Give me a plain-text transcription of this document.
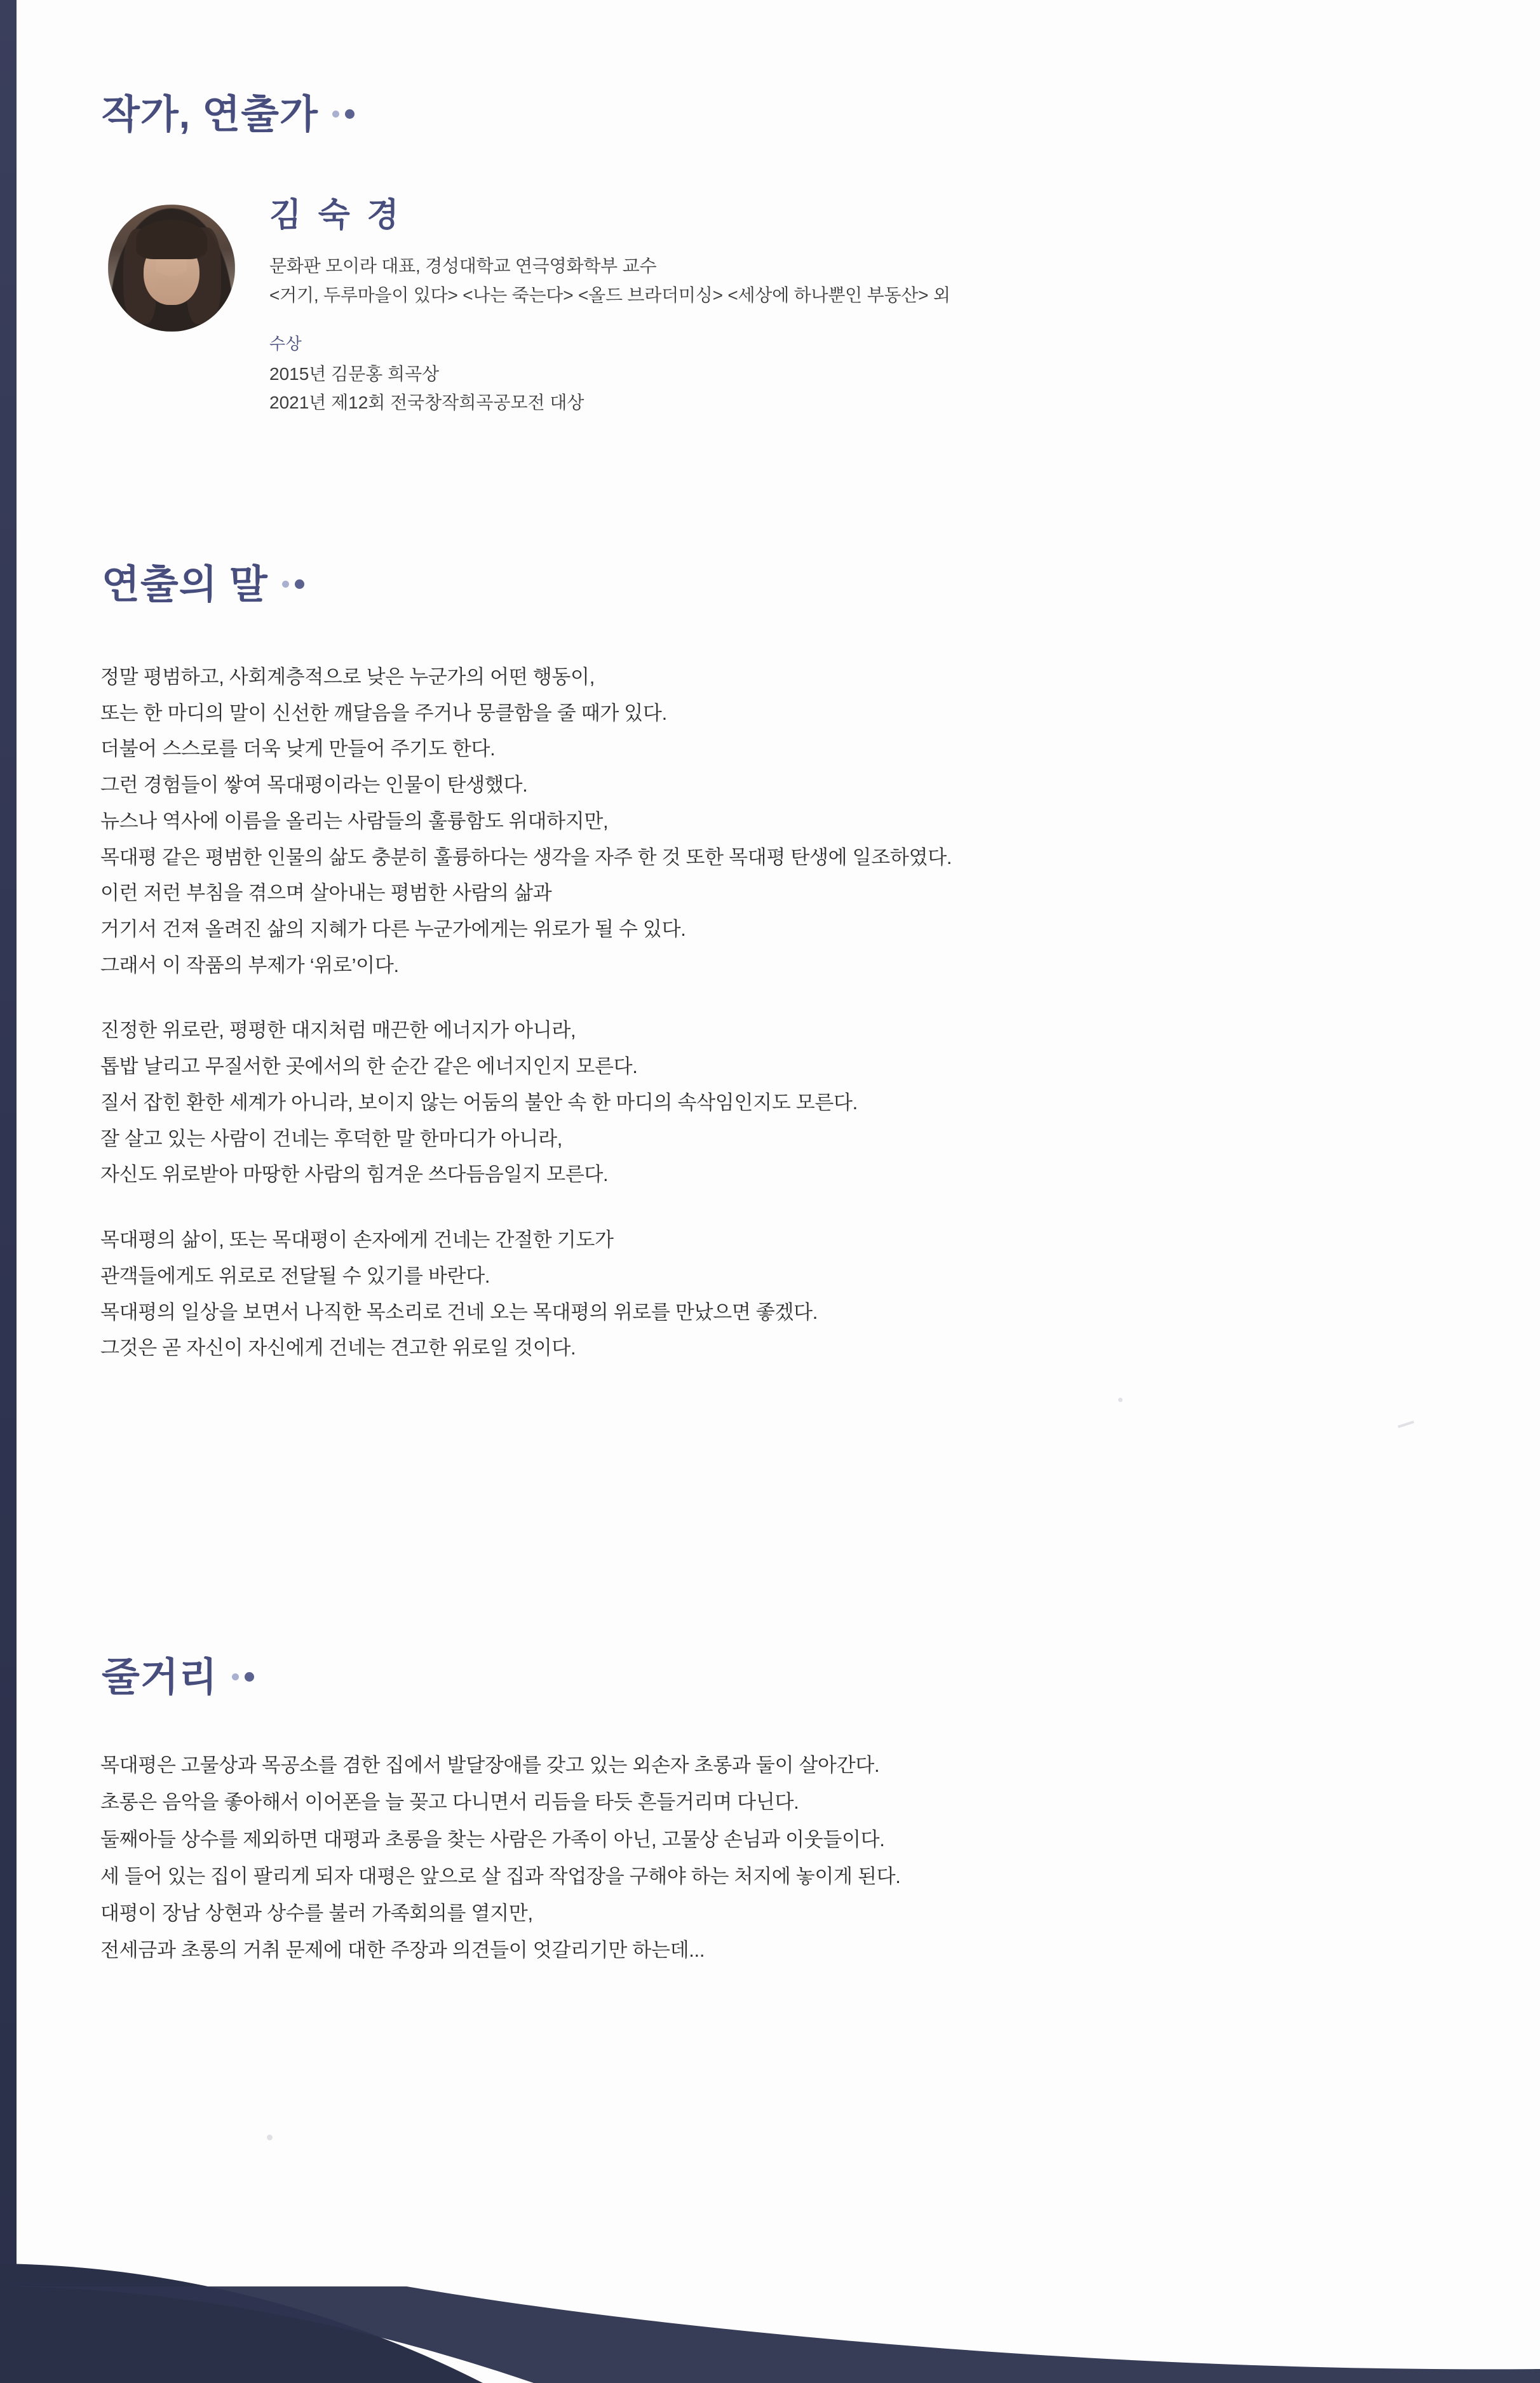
작가, 연출가
김 숙 경
문화판 모이라 대표, 경성대학교 연극영화학부 교수
<거기, 두루마을이 있다> <나는 죽는다> <올드 브라더미싱> <세상에 하나뿐인 부동산> 외
수상
2015년 김문홍 희곡상
2021년 제12회 전국창작희곡공모전 대상
연출의 말
정말 평범하고, 사회계층적으로 낮은 누군가의 어떤 행동이,
또는 한 마디의 말이 신선한 깨달음을 주거나 뭉클함을 줄 때가 있다.
더불어 스스로를 더욱 낮게 만들어 주기도 한다.
그런 경험들이 쌓여 목대평이라는 인물이 탄생했다.
뉴스나 역사에 이름을 올리는 사람들의 훌륭함도 위대하지만,
목대평 같은 평범한 인물의 삶도 충분히 훌륭하다는 생각을 자주 한 것 또한 목대평 탄생에 일조하였다.
이런 저런 부침을 겪으며 살아내는 평범한 사람의 삶과
거기서 건져 올려진 삶의 지혜가 다른 누군가에게는 위로가 될 수 있다.
그래서 이 작품의 부제가 ‘위로’이다.
진정한 위로란, 평평한 대지처럼 매끈한 에너지가 아니라,
톱밥 날리고 무질서한 곳에서의 한 순간 같은 에너지인지 모른다.
질서 잡힌 환한 세계가 아니라, 보이지 않는 어둠의 불안 속 한 마디의 속삭임인지도 모른다.
잘 살고 있는 사람이 건네는 후덕한 말 한마디가 아니라,
자신도 위로받아 마땅한 사람의 힘겨운 쓰다듬음일지 모른다.
목대평의 삶이, 또는 목대평이 손자에게 건네는 간절한 기도가
관객들에게도 위로로 전달될 수 있기를 바란다.
목대평의 일상을 보면서 나직한 목소리로 건네 오는 목대평의 위로를 만났으면 좋겠다.
그것은 곧 자신이 자신에게 건네는 견고한 위로일 것이다.
줄거리
목대평은 고물상과 목공소를 겸한 집에서 발달장애를 갖고 있는 외손자 초롱과 둘이 살아간다.
초롱은 음악을 좋아해서 이어폰을 늘 꽂고 다니면서 리듬을 타듯 흔들거리며 다닌다.
둘째아들 상수를 제외하면 대평과 초롱을 찾는 사람은 가족이 아닌, 고물상 손님과 이웃들이다.
세 들어 있는 집이 팔리게 되자 대평은 앞으로 살 집과 작업장을 구해야 하는 처지에 놓이게 된다.
대평이 장남 상현과 상수를 불러 가족회의를 열지만,
전세금과 초롱의 거취 문제에 대한 주장과 의견들이 엇갈리기만 하는데...
